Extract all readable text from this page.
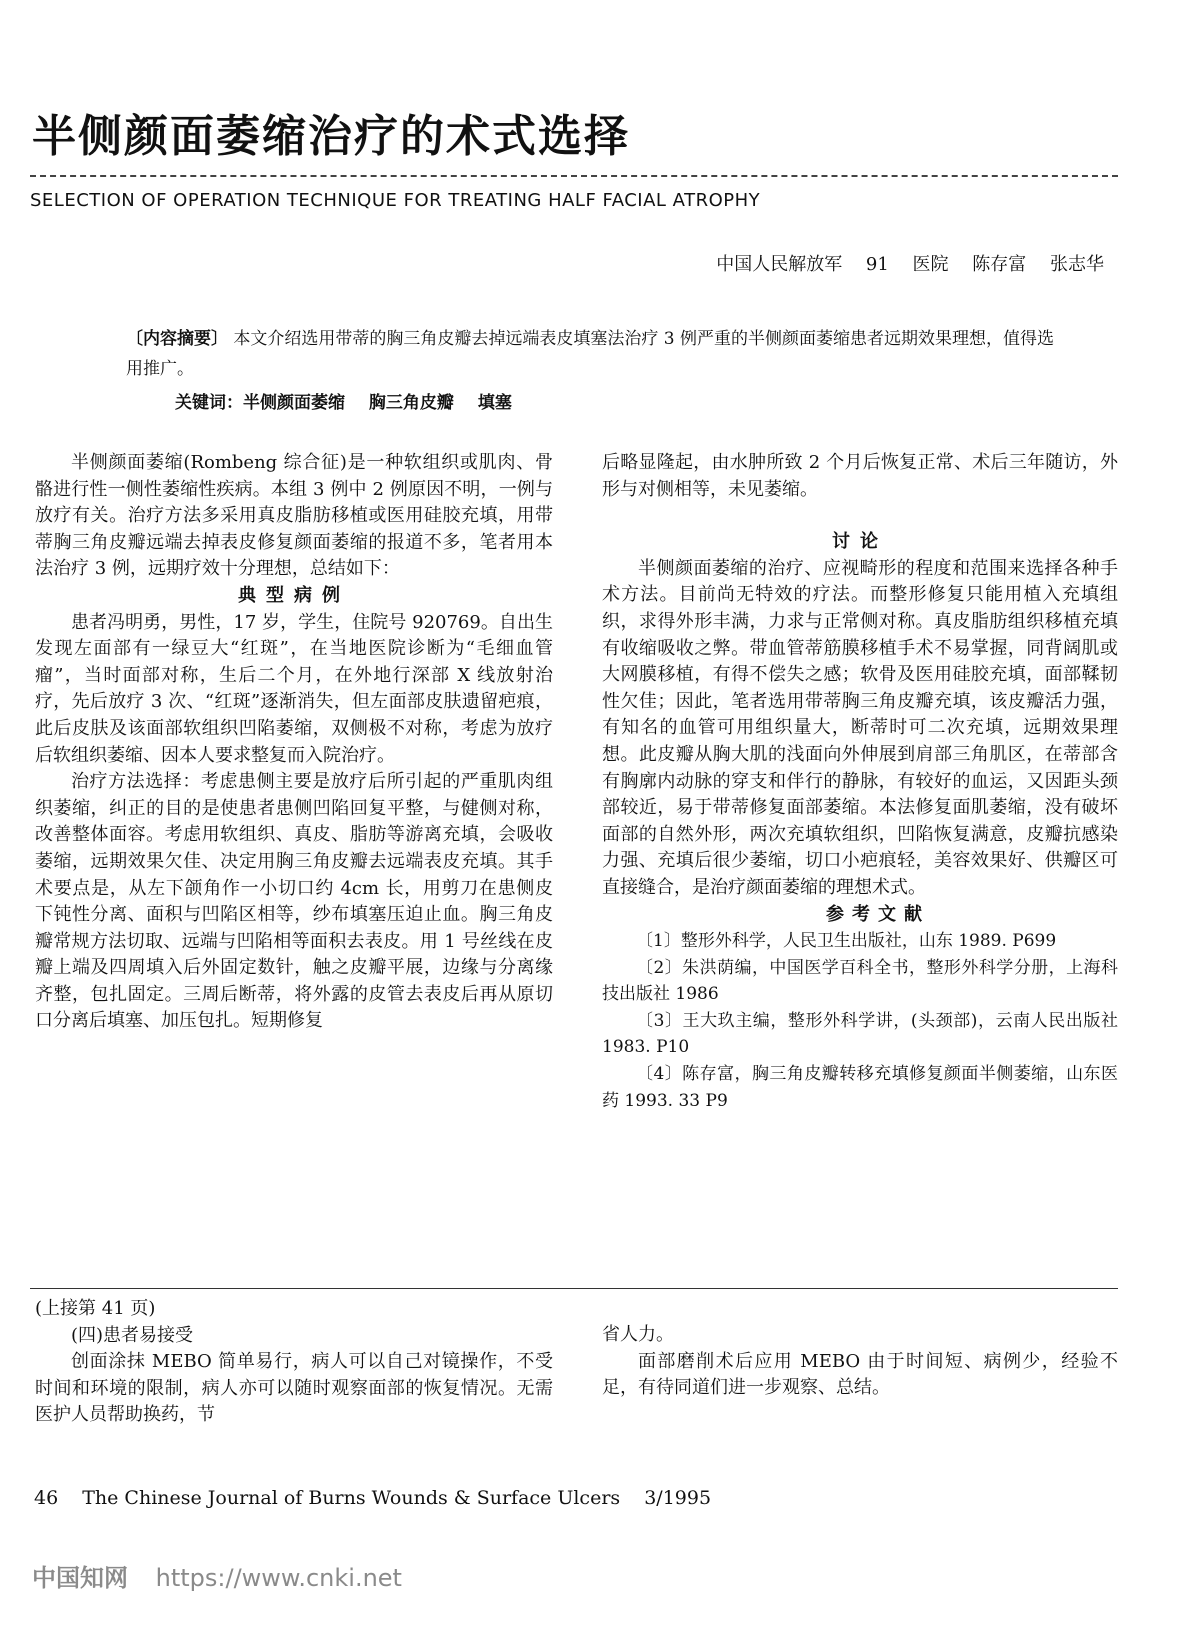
半侧颜面萎缩治疗的术式选择
SELECTION OF OPERATION TECHNIQUE FOR TREATING HALF FACIAL ATROPHY
中国人民解放军 91 医院 陈存富 张志华
〔内容摘要〕 本文介绍选用带蒂的胸三角皮瓣去掉远端表皮填塞法治疗 3 例严重的半侧颜面萎缩患者远期效果理想，值得选用推广。
关键词：半侧颜面萎缩 胸三角皮瓣 填塞

半侧颜面萎缩(Rombeng 综合征)是一种软组织或肌肉、骨骼进行性一侧性萎缩性疾病。本组 3 例中 2 例原因不明，一例与放疗有关。治疗方法多采用真皮脂肪移植或医用硅胶充填，用带蒂胸三角皮瓣远端去掉表皮修复颜面萎缩的报道不多，笔者用本法治疗 3 例，远期疗效十分理想，总结如下：

典型病例

患者冯明勇，男性，17 岁，学生，住院号 920769。自出生发现左面部有一绿豆大“红斑”，在当地医院诊断为“毛细血管瘤”，当时面部对称，生后二个月，在外地行深部 X 线放射治疗，先后放疗 3 次、“红斑”逐渐消失，但左面部皮肤遗留疤痕，此后皮肤及该面部软组织凹陷萎缩，双侧极不对称，考虑为放疗后软组织萎缩、因本人要求整复而入院治疗。

治疗方法选择：考虑患侧主要是放疗后所引起的严重肌肉组织萎缩，纠正的目的是使患者患侧凹陷回复平整，与健侧对称，改善整体面容。考虑用软组织、真皮、脂肪等游离充填，会吸收萎缩，远期效果欠佳、决定用胸三角皮瓣去远端表皮充填。其手术要点是，从左下颌角作一小切口约 4cm 长，用剪刀在患侧皮下钝性分离、面积与凹陷区相等，纱布填塞压迫止血。胸三角皮瓣常规方法切取、远端与凹陷相等面积去表皮。用 1 号丝线在皮瓣上端及四周填入后外固定数针，触之皮瓣平展，边缘与分离缘齐整，包扎固定。三周后断蒂，将外露的皮管去表皮后再从原切口分离后填塞、加压包扎。短期修复

后略显隆起，由水肿所致 2 个月后恢复正常、术后三年随访，外形与对侧相等，未见萎缩。

讨论

半侧颜面萎缩的治疗、应视畸形的程度和范围来选择各种手术方法。目前尚无特效的疗法。而整形修复只能用植入充填组织，求得外形丰满，力求与正常侧对称。真皮脂肪组织移植充填有收缩吸收之弊。带血管蒂筋膜移植手术不易掌握，同背阔肌或大网膜移植，有得不偿失之感；软骨及医用硅胶充填，面部鞣韧性欠佳；因此，笔者选用带蒂胸三角皮瓣充填，该皮瓣活力强，有知名的血管可用组织量大，断蒂时可二次充填，远期效果理想。此皮瓣从胸大肌的浅面向外伸展到肩部三角肌区，在蒂部含有胸廓内动脉的穿支和伴行的静脉，有较好的血运，又因距头颈部较近，易于带蒂修复面部萎缩。本法修复面肌萎缩，没有破坏面部的自然外形，两次充填软组织，凹陷恢复满意，皮瓣抗感染力强、充填后很少萎缩，切口小疤痕轻，美容效果好、供瓣区可直接缝合，是治疗颜面萎缩的理想术式。

参考文献

〔1〕整形外科学，人民卫生出版社，山东 1989. P699

〔2〕朱洪荫编，中国医学百科全书，整形外科学分册，上海科技出版社 1986

〔3〕王大玖主编，整形外科学讲，(头颈部)，云南人民出版社 1983. P10

〔4〕陈存富，胸三角皮瓣转移充填修复颜面半侧萎缩，山东医药 1993. 33 P9

(上接第 41 页)

(四)患者易接受

创面涂抹 MEBO 简单易行，病人可以自己对镜操作，不受时间和环境的限制，病人亦可以随时观察面部的恢复情况。无需医护人员帮助换药，节

省人力。

面部磨削术后应用 MEBO 由于时间短、病例少，经验不足，有待同道们进一步观察、总结。

46 The Chinese Journal of Burns Wounds & Surface Ulcers 3/1995
中国知网 https://www.cnki.net
